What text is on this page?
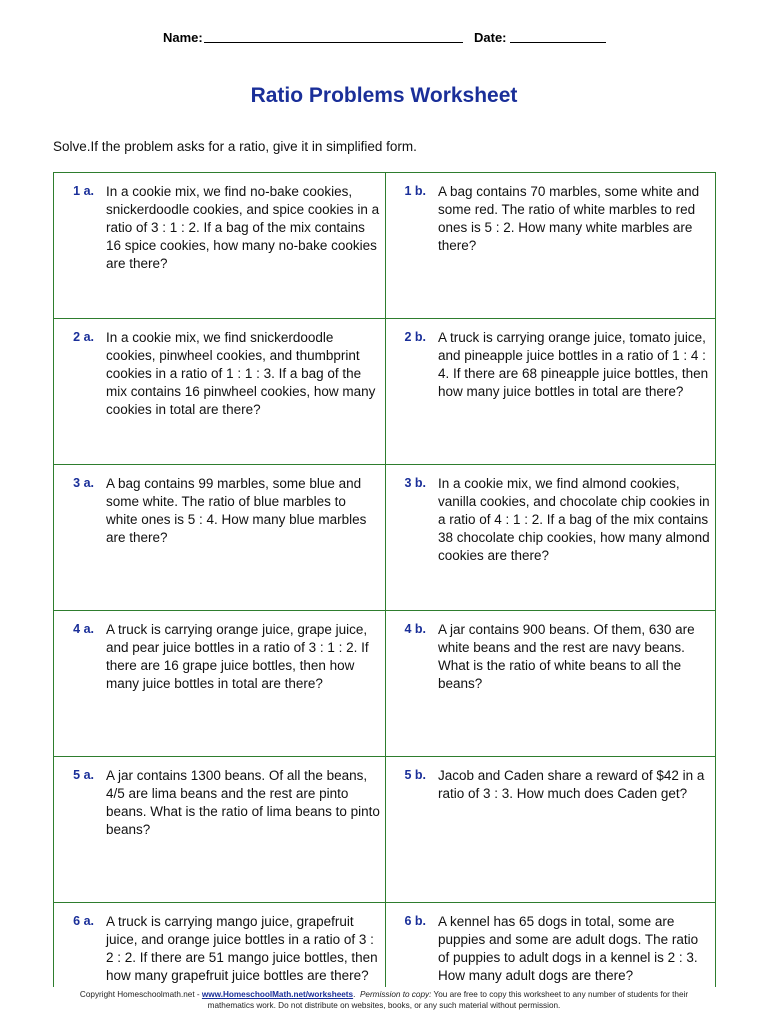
Name:	Date:
Ratio Problems Worksheet
Solve.If the problem asks for a ratio, give it in simplified form.
1 a. In a cookie mix, we find no-bake cookies, snickerdoodle cookies, and spice cookies in a ratio of 3 : 1 : 2. If a bag of the mix contains 16 spice cookies, how many no-bake cookies are there?
1 b. A bag contains 70 marbles, some white and some red. The ratio of white marbles to red ones is 5 : 2. How many white marbles are there?
2 a. In a cookie mix, we find snickerdoodle cookies, pinwheel cookies, and thumbprint cookies in a ratio of 1 : 1 : 3. If a bag of the mix contains 16 pinwheel cookies, how many cookies in total are there?
2 b. A truck is carrying orange juice, tomato juice, and pineapple juice bottles in a ratio of 1 : 4 : 4. If there are 68 pineapple juice bottles, then how many juice bottles in total are there?
3 a. A bag contains 99 marbles, some blue and some white. The ratio of blue marbles to white ones is 5 : 4. How many blue marbles are there?
3 b. In a cookie mix, we find almond cookies, vanilla cookies, and chocolate chip cookies in a ratio of 4 : 1 : 2. If a bag of the mix contains 38 chocolate chip cookies, how many almond cookies are there?
4 a. A truck is carrying orange juice, grape juice, and pear juice bottles in a ratio of 3 : 1 : 2. If there are 16 grape juice bottles, then how many juice bottles in total are there?
4 b. A jar contains 900 beans. Of them, 630 are white beans and the rest are navy beans. What is the ratio of white beans to all the beans?
5 a. A jar contains 1300 beans. Of all the beans, 4/5 are lima beans and the rest are pinto beans. What is the ratio of lima beans to pinto beans?
5 b. Jacob and Caden share a reward of $42 in a ratio of 3 : 3. How much does Caden get?
6 a. A truck is carrying mango juice, grapefruit juice, and orange juice bottles in a ratio of 3 : 2 : 2. If there are 51 mango juice bottles, then how many grapefruit juice bottles are there?
6 b. A kennel has 65 dogs in total, some are puppies and some are adult dogs. The ratio of puppies to adult dogs in a kennel is 2 : 3. How many adult dogs are there?
Copyright Homeschoolmath.net - www.HomeschoolMath.net/worksheets. Permission to copy: You are free to copy this worksheet to any number of students for their mathematics work. Do not distribute on websites, books, or any such material without permission.
